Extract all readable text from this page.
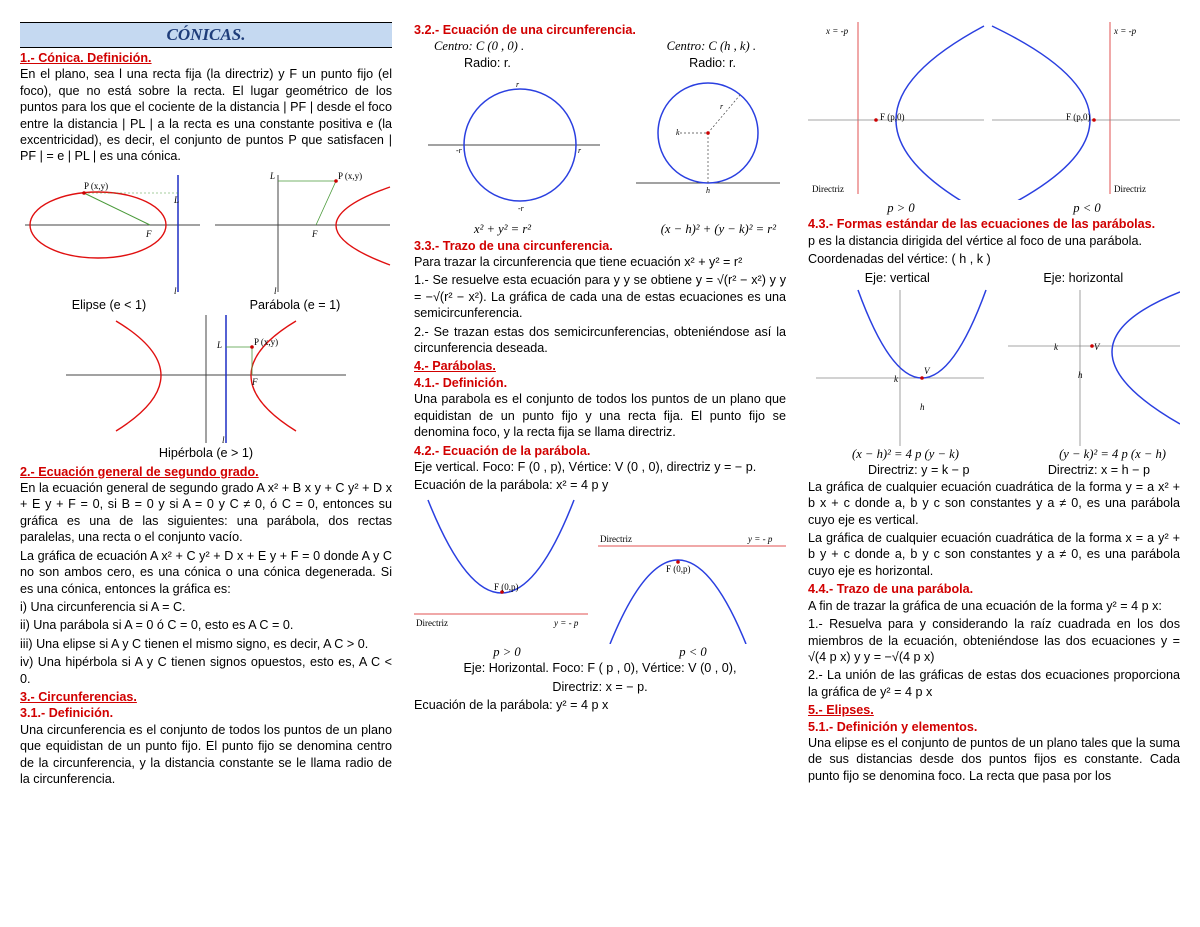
CÓNICAS.
1.- Cónica. Definición.

En el plano, sea l una recta fija (la directriz) y F un punto fijo (el foco), que no está sobre la recta. El lugar geométrico de los puntos para los que el cociente de la distancia | PF | desde el foco entre la distancia | PL | a la recta es una constante positiva e (la excentricidad), es decir, el conjunto de puntos P que satisfacen | PF | = e | PL | es una cónica.

P (x,y)
F
L
l
P (x,y)
L
F
l
Elipse (e < 1)	Parábola (e = 1)
P (x,y)
L
F
l
Hipérbola (e > 1)
2.- Ecuación general de segundo grado.

En la ecuación general de segundo grado A x² + B x y + C y² + D x + E y + F = 0, si B = 0 y si A = 0 y C ≠ 0, ó C = 0, entonces su gráfica es una de las siguientes: una parábola, dos rectas paralelas, una recta o el conjunto vacío.

La gráfica de ecuación A x² + C y² + D x + E y + F = 0 donde A y C no son ambos cero, es una cónica o una cónica degenerada. Si es una cónica, entonces la gráfica es:

i) Una circunferencia si A = C.

ii) Una parábola si A = 0 ó C = 0, esto es A C = 0.

iii) Una elipse si A y C tienen el mismo signo, es decir, A C > 0.

iv) Una hipérbola si A y C tienen signos opuestos, esto es, A C < 0.

3.- Circunferencias.
3.1.- Definición.

Una circunferencia es el conjunto de todos los puntos de un plano que equidistan de un punto fijo. El punto fijo se denomina centro de la circunferencia, y la distancia constante se le llama radio de la circunferencia.

3.2.- Ecuación de una circunferencia.
Centro: C (0 , 0) .	Centro: C (h , k) .
Radio: r.	Radio: r.
r
-r
-r	r
r
k
h
x² + y² = r²	(x − h)² + (y − k)² = r²
3.3.- Trazo de una circunferencia.

Para trazar la circunferencia que tiene ecuación x² + y² = r²

1.- Se resuelve esta ecuación para y y se obtiene y = √(r² − x²) y y = −√(r² − x²). La gráfica de cada una de estas ecuaciones es una semicircunferencia.

2.- Se trazan estas dos semicircunferencias, obteniéndose así la circunferencia deseada.

4.- Parábolas.
4.1.- Definición.

Una parabola es el conjunto de todos los puntos de un plano que equidistan de un punto fijo y una recta fija. El punto fijo se denomina foco, y la recta fija se llama directriz.

4.2.- Ecuación de la parábola.

Eje vertical. Foco: F (0 , p), Vértice: V (0 , 0), directriz y = − p.

Ecuación de la parábola: x² = 4 p y

F (0,p)
Directriz	y = - p
Directriz	y = - p
F (0,p)
p > 0	p < 0

Eje: Horizontal. Foco: F ( p , 0), Vértice: V (0 , 0),

Directriz: x = − p.

Ecuación de la parábola: y² = 4 p x

x = -p
F (p,0)
Directriz
x = -p
F (p,0)
Directriz
p > 0	p < 0
4.3.- Formas estándar de las ecuaciones de las parábolas.

p es la distancia dirigida del vértice al foco de una parábola.

Coordenadas del vértice: ( h , k )

Eje: vertical	Eje: horizontal
V
k
h
V
k
h
(x − h)² = 4 p (y − k)	(y − k)² = 4 p (x − h)
Directriz: y = k − p	Directriz: x = h − p

La gráfica de cualquier ecuación cuadrática de la forma y = a x² + b x + c donde a, b y c son constantes y a ≠ 0, es una parábola cuyo eje es vertical.

La gráfica de cualquier ecuación cuadrática de la forma x = a y² + b y + c donde a, b y c son constantes y a ≠ 0, es una parábola cuyo eje es horizontal.

4.4.- Trazo de una parábola.

A fin de trazar la gráfica de una ecuación de la forma y² = 4 p x:

1.- Resuelva para y considerando la raíz cuadrada en los dos miembros de la ecuación, obteniéndose las dos ecuaciones y = √(4 p x) y y = −√(4 p x)

2.- La unión de las gráficas de estas dos ecuaciones proporciona la gráfica de y² = 4 p x

5.- Elipses.
5.1.- Definición y elementos.

Una elipse es el conjunto de puntos de un plano tales que la suma de sus distancias desde dos puntos fijos es constante. Cada punto fijo se denomina foco. La recta que pasa por los
